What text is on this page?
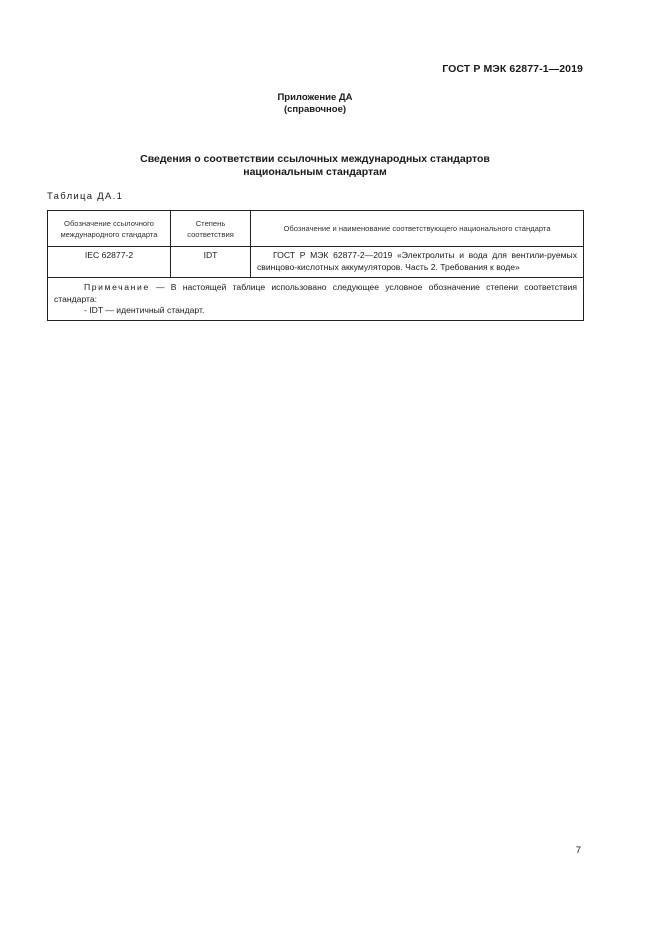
ГОСТ Р МЭК 62877-1—2019
Приложение ДА
(справочное)
Сведения о соответствии ссылочных международных стандартов
национальным стандартам
Таблица ДА.1
Обозначение ссылочного международного стандарта	Степень соответствия	Обозначение и наименование соответствующего национального стандарта
IEC 62877-2	IDT	ГОСТ Р МЭК 62877-2—2019 «Электролиты и вода для вентили-руемых свинцово-кислотных аккумуляторов. Часть 2. Требования к воде»

Примечание — В настоящей таблице использовано следующее условное обозначение степени соответствия стандарта:
- IDT — идентичный стандарт.		
7
